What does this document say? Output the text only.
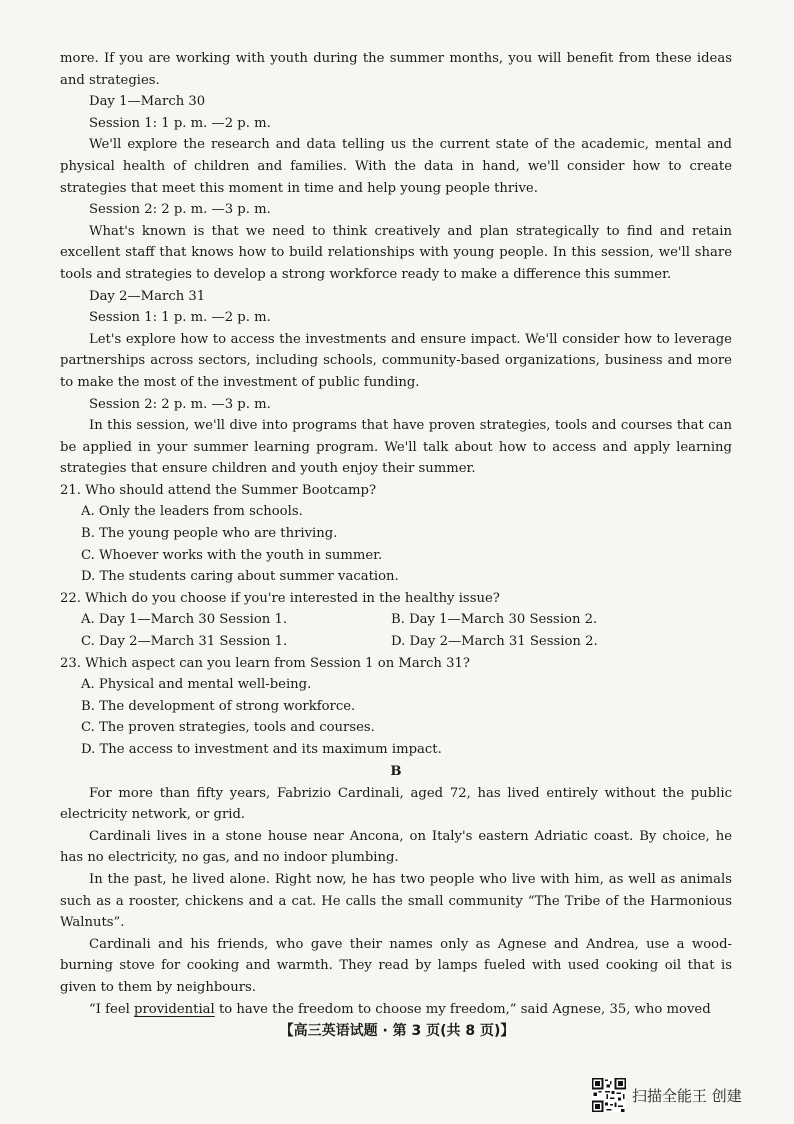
more. If you are working with youth during the summer months, you will benefit from these ideas and strategies.

Day 1—March 30

Session 1: 1 p. m. —2 p. m.

We'll explore the research and data telling us the current state of the academic, mental and physical health of children and families. With the data in hand, we'll consider how to create strategies that meet this moment in time and help young people thrive.

Session 2: 2 p. m. —3 p. m.

What's known is that we need to think creatively and plan strategically to find and retain excellent staff that knows how to build relationships with young people. In this session, we'll share tools and strategies to develop a strong workforce ready to make a difference this summer.

Day 2—March 31

Session 1: 1 p. m. —2 p. m.

Let's explore how to access the investments and ensure impact. We'll consider how to leverage partnerships across sectors, including schools, community-based organizations, business and more to make the most of the investment of public funding.

Session 2: 2 p. m. —3 p. m.

In this session, we'll dive into programs that have proven strategies, tools and courses that can be applied in your summer learning program. We'll talk about how to access and apply learning strategies that ensure children and youth enjoy their summer.

21. Who should attend the Summer Bootcamp?

A. Only the leaders from schools.

B. The young people who are thriving.

C. Whoever works with the youth in summer.

D. The students caring about summer vacation.

22. Which do you choose if you're interested in the healthy issue?

A. Day 1—March 30 Session 1.	B. Day 1—March 30 Session 2.
C. Day 2—March 31 Session 1.	D. Day 2—March 31 Session 2.

23. Which aspect can you learn from Session 1 on March 31?

A. Physical and mental well-being.

B. The development of strong workforce.

C. The proven strategies, tools and courses.

D. The access to investment and its maximum impact.

B

For more than fifty years, Fabrizio Cardinali, aged 72, has lived entirely without the public electricity network, or grid.

Cardinali lives in a stone house near Ancona, on Italy's eastern Adriatic coast. By choice, he has no electricity, no gas, and no indoor plumbing.

In the past, he lived alone. Right now, he has two people who live with him, as well as animals such as a rooster, chickens and a cat. He calls the small community “The Tribe of the Harmonious Walnuts”.

Cardinali and his friends, who gave their names only as Agnese and Andrea, use a wood-burning stove for cooking and warmth. They read by lamps fueled with used cooking oil that is given to them by neighbours.

“I feel providential to have the freedom to choose my freedom,” said Agnese, 35, who moved

【高三英语试题 · 第 3 页(共 8 页)】
扫描全能王 创建
